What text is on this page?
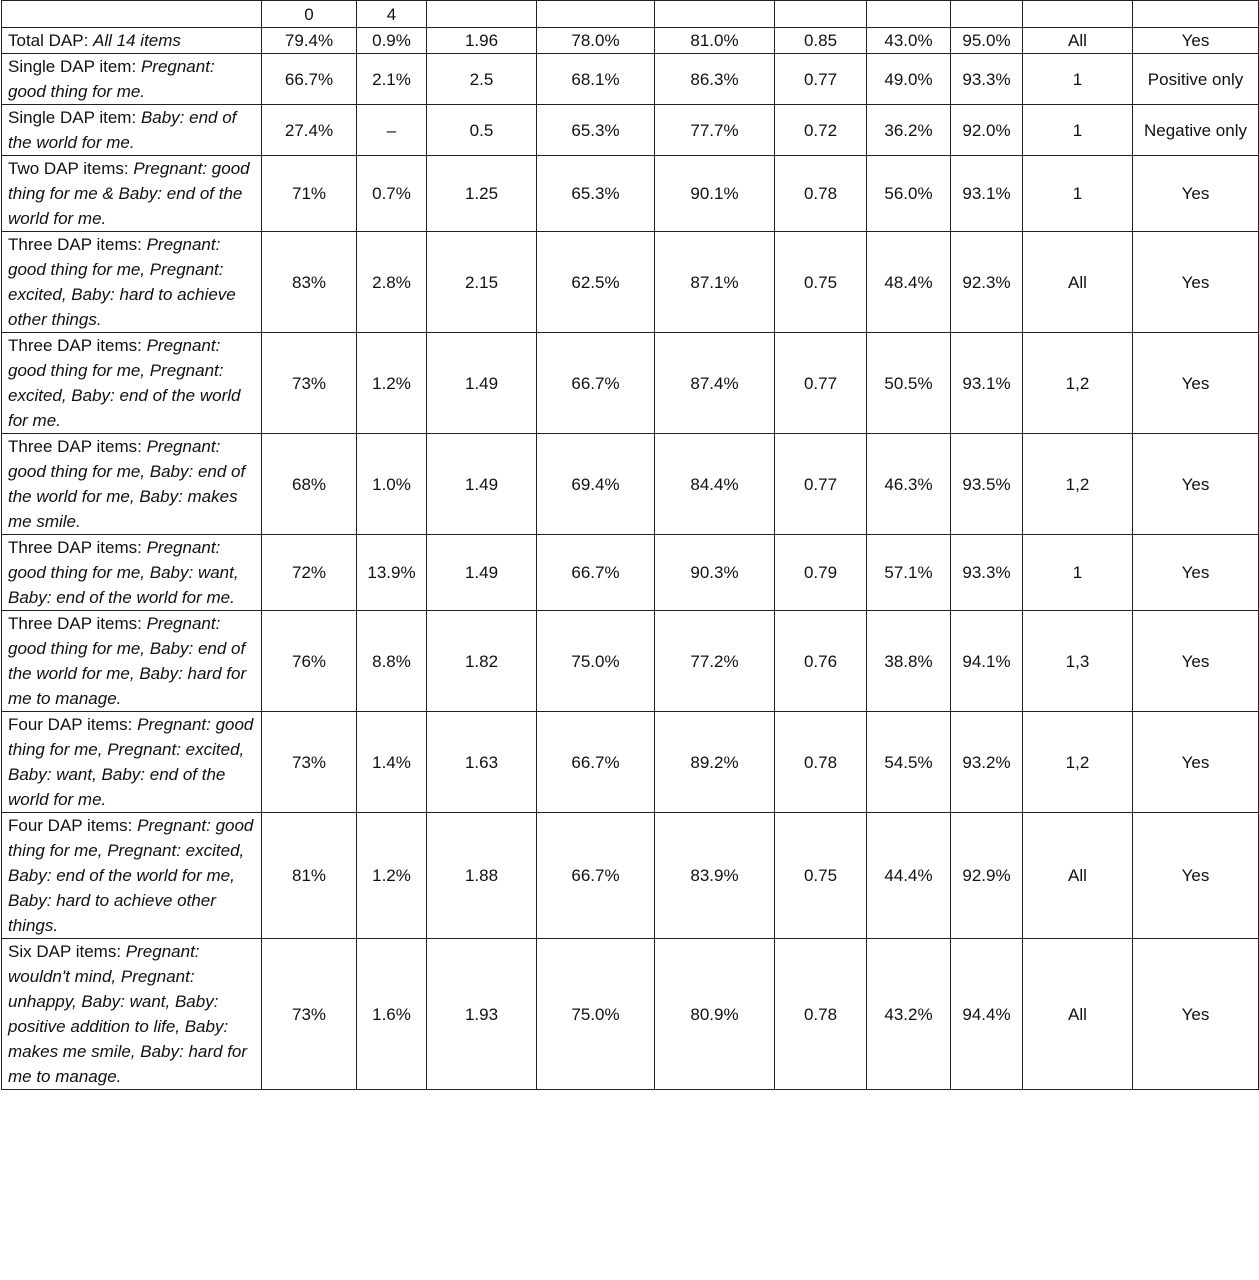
	0	4								
Total DAP: All 14 items	79.4%	0.9%	1.96	78.0%	81.0%	0.85	43.0%	95.0%	All	Yes
Single DAP item: Pregnant: good thing for me.	66.7%	2.1%	2.5	68.1%	86.3%	0.77	49.0%	93.3%	1	Positive only
Single DAP item: Baby: end of the world for me.	27.4%	–	0.5	65.3%	77.7%	0.72	36.2%	92.0%	1	Negative only
Two DAP items: Pregnant: good thing for me & Baby: end of the world for me.	71%	0.7%	1.25	65.3%	90.1%	0.78	56.0%	93.1%	1	Yes
Three DAP items: Pregnant: good thing for me, Pregnant: excited, Baby: hard to achieve other things.	83%	2.8%	2.15	62.5%	87.1%	0.75	48.4%	92.3%	All	Yes
Three DAP items: Pregnant: good thing for me, Pregnant: excited, Baby: end of the world for me.	73%	1.2%	1.49	66.7%	87.4%	0.77	50.5%	93.1%	1,2	Yes
Three DAP items: Pregnant: good thing for me, Baby: end of the world for me, Baby: makes me smile.	68%	1.0%	1.49	69.4%	84.4%	0.77	46.3%	93.5%	1,2	Yes
Three DAP items: Pregnant: good thing for me, Baby: want, Baby: end of the world for me.	72%	13.9%	1.49	66.7%	90.3%	0.79	57.1%	93.3%	1	Yes
Three DAP items: Pregnant: good thing for me, Baby: end of the world for me, Baby: hard for me to manage.	76%	8.8%	1.82	75.0%	77.2%	0.76	38.8%	94.1%	1,3	Yes
Four DAP items: Pregnant: good thing for me, Pregnant: excited, Baby: want, Baby: end of the world for me.	73%	1.4%	1.63	66.7%	89.2%	0.78	54.5%	93.2%	1,2	Yes
Four DAP items: Pregnant: good thing for me, Pregnant: excited, Baby: end of the world for me, Baby: hard to achieve other things.	81%	1.2%	1.88	66.7%	83.9%	0.75	44.4%	92.9%	All	Yes
Six DAP items: Pregnant: wouldn't mind, Pregnant: unhappy, Baby: want, Baby: positive addition to life, Baby: makes me smile, Baby: hard for me to manage.	73%	1.6%	1.93	75.0%	80.9%	0.78	43.2%	94.4%	All	Yes
